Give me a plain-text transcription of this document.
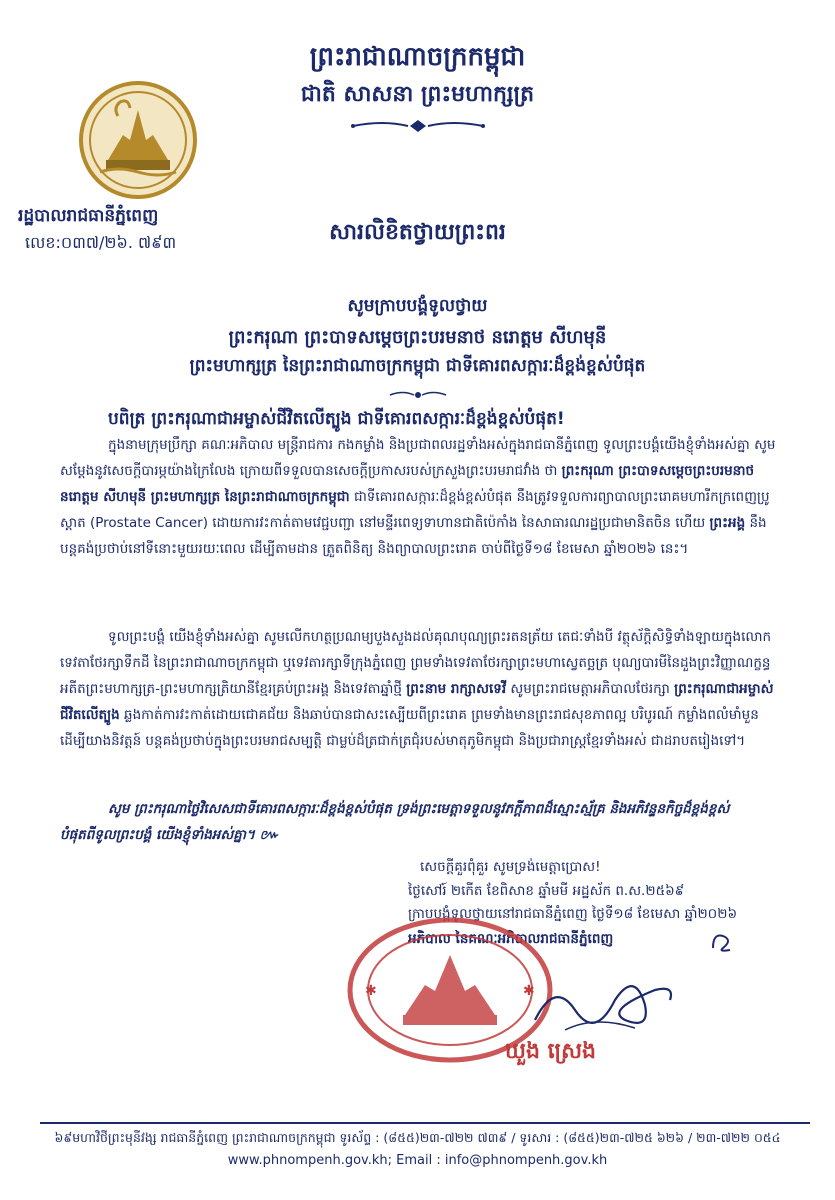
ព្រះរាជាណាចក្រកម្ពុជា
ជាតិ សាសនា ព្រះមហាក្សត្រ
រដ្ឋបាលរាជធានីភ្នំពេញ
លេខ:០៣៧/២៦. ៧៩៣	សារលិខិតថ្វាយព្រះពរ
សូមក្រាបបង្គំទូលថ្វាយ
ព្រះករុណា ព្រះបាទសម្តេចព្រះបរមនាថ នរោត្តម សីហមុនី
ព្រះមហាក្សត្រ នៃព្រះរាជាណាចក្រកម្ពុជា ជាទីគោរពសក្ការៈដ៏ខ្ពង់ខ្ពស់បំផុត
បពិត្រ ព្រះករុណាជាអម្ចាស់ជីវិតលើត្បូង ជាទីគោរពសក្ការៈដ៏ខ្ពង់ខ្ពស់បំផុត!
ក្នុងនាមក្រុមប្រឹក្សា គណៈអភិបាល មន្ត្រីរាជការ កងកម្លាំង និងប្រជាពលរដ្ឋទាំងអស់ក្នុងរាជធានីភ្នំពេញ ទូលព្រះបង្គំយើងខ្ញុំទាំងអស់គ្នា សូមសម្តែងនូវសេចក្តីបារម្ភយ៉ាងក្រៃលែង ក្រោយពីទទួលបានសេចក្តីប្រកាសរបស់ក្រសួងព្រះបរមរាជវាំង ថា ព្រះករុណា ព្រះបាទសម្តេចព្រះបរមនាថ នរោត្តម សីហមុនី ព្រះមហាក្សត្រ នៃព្រះរាជាណាចក្រកម្ពុជា ជាទីគោរពសក្ការៈដ៏ខ្ពង់ខ្ពស់បំផុត នឹងត្រូវទទួលការព្យាបាលព្រះរោគមហារីកក្រពេញប្រូស្តាត (Prostate Cancer) ដោយការវះកាត់តាមវេជ្ជបញ្ជា នៅមន្ទីរពេទ្យទាហានជាតិប៉េកាំង នៃសាធារណរដ្ឋប្រជាមានិតចិន ហើយ ព្រះអង្គ នឹងបន្តគង់ប្រថាប់នៅទីនោះមួយរយៈពេល ដើម្បីតាមដាន ត្រួតពិនិត្យ និងព្យាបាលព្រះរោគ ចាប់ពីថ្ងៃទី១៨ ខែមេសា ឆ្នាំ២០២៦ នេះ។
ទូលព្រះបង្គំ យើងខ្ញុំទាំងអស់គ្នា សូមលើកហត្ថប្រណម្យបួងសួងដល់គុណបុណ្យព្រះរតនត្រ័យ តេជៈទាំងបី វត្ថុស័ក្តិសិទ្ធិទាំងឡាយក្នុងលោក ទេវតាថែរក្សាទឹកដី នៃព្រះរាជាណាចក្រកម្ពុជា ឬទេវតារក្សាទីក្រុងភ្នំពេញ ព្រមទាំងទេវតាថែរក្សាព្រះមហាស្វេតច្ឆត្រ បុណ្យបារមីនៃដួងព្រះវិញ្ញាណក្ខន្ធអតីតព្រះមហាក្សត្រ-ព្រះមហាក្សត្រិយានីខ្មែរគ្រប់ព្រះអង្គ និងទេវតាឆ្នាំថ្មី ព្រះនាម រាក្សាសទេវី សូមព្រះរាជមេត្តាអភិបាលថែរក្សា ព្រះករុណាជាអម្ចាស់ជីវិតលើត្បូង ឆ្លងកាត់ការវះកាត់ដោយជោគជ័យ និងឆាប់បានជាសះស្បើយពីព្រះរោគ ព្រមទាំងមានព្រះរាជសុខភាពល្អ បរិបូរណ៍ កម្លាំងពលំមាំមួន ដើម្បីយាងនិវត្តន៍ បន្តគង់ប្រថាប់ក្នុងព្រះបរមរាជសម្បត្តិ ជាម្លប់ដ៏ត្រជាក់ត្រជុំរបស់មាតុភូមិកម្ពុជា និងប្រជារាស្ត្រខ្មែរទាំងអស់ ជាដរាបតរៀងទៅ។
សូម ព្រះករុណាថ្លៃវិសេសជាទីគោរពសក្ការៈដ៏ខ្ពង់ខ្ពស់បំផុត ទ្រង់ព្រះមេត្តាទទួលនូវភក្តីភាពដ៏ស្មោះស្ម័គ្រ និងអភិវន្ទនកិច្ចដ៏ខ្ពង់ខ្ពស់បំផុតពីទូលព្រះបង្គំ យើងខ្ញុំទាំងអស់គ្នា។ ៚
សេចក្តីគួរពុំគួរ សូមទ្រង់មេត្តាប្រោស!
ថ្ងៃសៅរ៍ ២កើត ខែពិសាខ ឆ្នាំមមី អដ្ឋស័ក ព.ស.២៥៦៩
ក្រាបបង្គំទូលថ្វាយនៅរាជធានីភ្នំពេញ ថ្ងៃទី១៨ ខែមេសា ឆ្នាំ២០២៦
អភិបាល នៃគណៈអភិបាលរាជធានីភ្នំពេញ
✱	✱
ឃួង ស្រេង
៦៩មហាវិថីព្រះមុនីវង្ស រាជធានីភ្នំពេញ ព្រះរាជាណាចក្រកម្ពុជា ទូរស័ព្ទ : (៨៥៥)២៣-៧២២ ៧៣៩ / ទូរសារ : (៨៥៥)២៣-៧២៥ ៦២៦ / ២៣-៧២២ ០៥៤
www.phnompenh.gov.kh; Email : info@phnompenh.gov.kh
